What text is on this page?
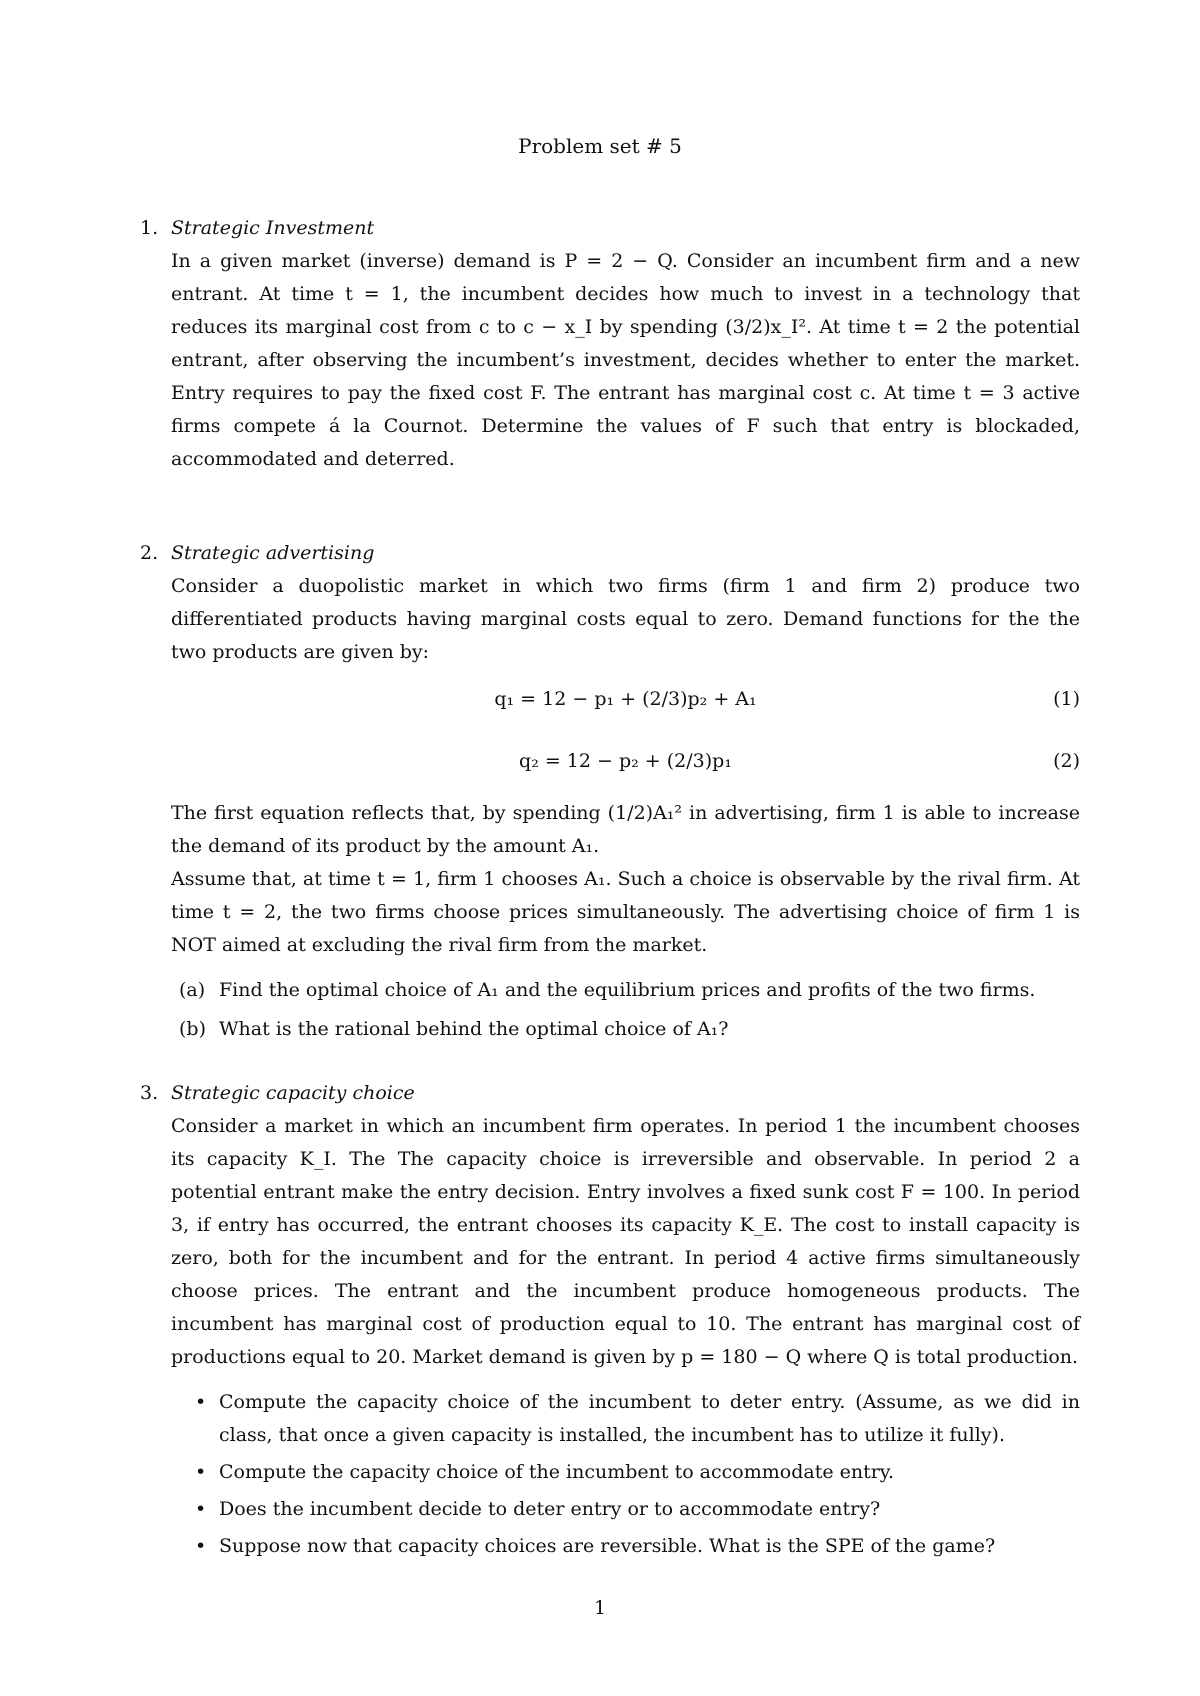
Problem set # 5
1. Strategic Investment
In a given market (inverse) demand is P = 2 − Q. Consider an incumbent firm and a new entrant. At time t = 1, the incumbent decides how much to invest in a technology that reduces its marginal cost from c to c − x_I by spending (3/2)x_I². At time t = 2 the potential entrant, after observing the incumbent’s investment, decides whether to enter the market. Entry requires to pay the fixed cost F. The entrant has marginal cost c. At time t = 3 active firms compete á la Cournot. Determine the values of F such that entry is blockaded, accommodated and deterred.
2. Strategic advertising
Consider a duopolistic market in which two firms (firm 1 and firm 2) produce two differentiated products having marginal costs equal to zero. Demand functions for the the two products are given by:
q₁ = 12 − p₁ + (2/3)p₂ + A₁	(1)
q₂ = 12 − p₂ + (2/3)p₁	(2)
The first equation reflects that, by spending (1/2)A₁² in advertising, firm 1 is able to increase the demand of its product by the amount A₁.
Assume that, at time t = 1, firm 1 chooses A₁. Such a choice is observable by the rival firm. At time t = 2, the two firms choose prices simultaneously. The advertising choice of firm 1 is NOT aimed at excluding the rival firm from the market.
(a) Find the optimal choice of A₁ and the equilibrium prices and profits of the two firms.
(b) What is the rational behind the optimal choice of A₁?
3. Strategic capacity choice
Consider a market in which an incumbent firm operates. In period 1 the incumbent chooses its capacity K_I. The The capacity choice is irreversible and observable. In period 2 a potential entrant make the entry decision. Entry involves a fixed sunk cost F = 100. In period 3, if entry has occurred, the entrant chooses its capacity K_E. The cost to install capacity is zero, both for the incumbent and for the entrant. In period 4 active firms simultaneously choose prices. The entrant and the incumbent produce homogeneous products. The incumbent has marginal cost of production equal to 10. The entrant has marginal cost of productions equal to 20. Market demand is given by p = 180 − Q where Q is total production.
• Compute the capacity choice of the incumbent to deter entry. (Assume, as we did in class, that once a given capacity is installed, the incumbent has to utilize it fully).
• Compute the capacity choice of the incumbent to accommodate entry.
• Does the incumbent decide to deter entry or to accommodate entry?
• Suppose now that capacity choices are reversible. What is the SPE of the game?
1
